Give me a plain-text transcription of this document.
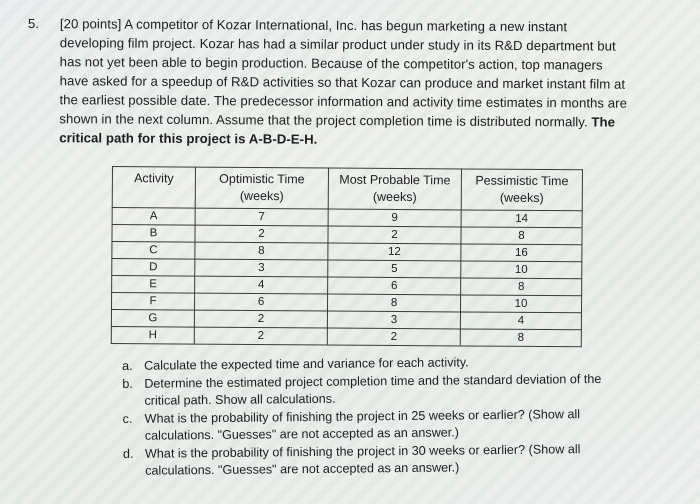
5. [20 points] A competitor of Kozar International, Inc. has begun marketing a new instant developing film project. Kozar has had a similar product under study in its R&D department but has not yet been able to begin production. Because of the competitor's action, top managers have asked for a speedup of R&D activities so that Kozar can produce and market instant film at the earliest possible date. The predecessor information and activity time estimates in months are shown in the next column. Assume that the project completion time is distributed normally. The critical path for this project is A-B-D-E-H.
Activity	Optimistic Time (weeks)	Most Probable Time (weeks)	Pessimistic Time (weeks)
A	7	9	14
B	2	2	8
C	8	12	16
D	3	5	10
E	4	6	8
F	6	8	10
G	2	3	4
H	2	2	8
a. Calculate the expected time and variance for each activity.
b. Determine the estimated project completion time and the standard deviation of the critical path. Show all calculations.
c. What is the probability of finishing the project in 25 weeks or earlier? (Show all calculations. "Guesses" are not accepted as an answer.)
d. What is the probability of finishing the project in 30 weeks or earlier? (Show all calculations. "Guesses" are not accepted as an answer.)
